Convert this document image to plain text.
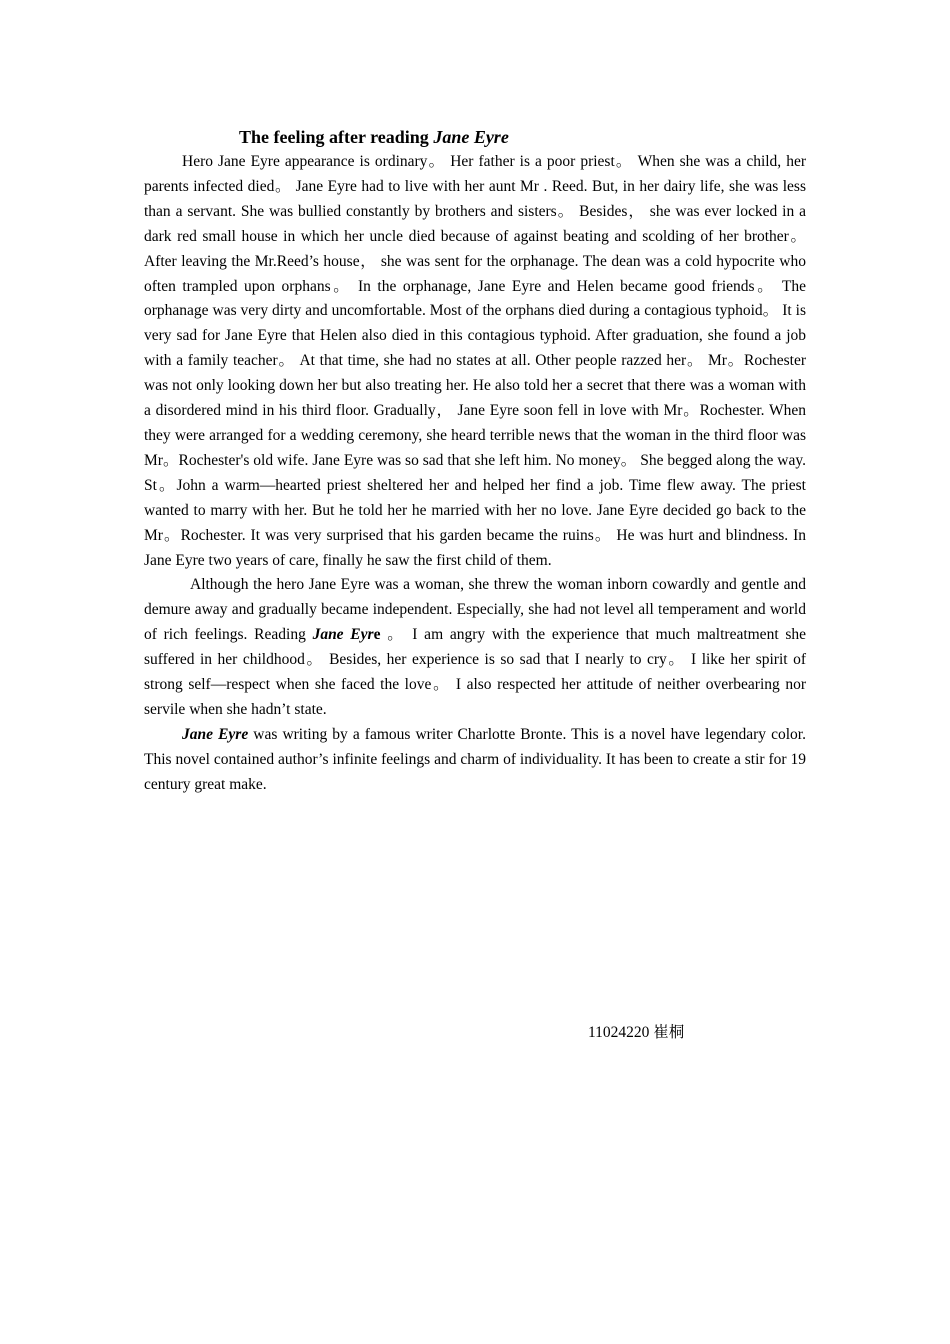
The feeling after reading Jane Eyre

Hero Jane Eyre appearance is ordinary。 Her father is a poor priest。 When she was a child, her parents infected died。 Jane Eyre had to live with her aunt Mr . Reed. But, in her dairy life, she was less than a servant. She was bullied constantly by brothers and sisters。 Besides， she was ever locked in a dark red small house in which her uncle died because of against beating and scolding of her brother。 After leaving the Mr.Reed’s house， she was sent for the orphanage. The dean was a cold hypocrite who often trampled upon orphans。 In the orphanage, Jane Eyre and Helen became good friends。 The orphanage was very dirty and uncomfortable. Most of the orphans died during a contagious typhoid。 It is very sad for Jane Eyre that Helen also died in this contagious typhoid. After graduation, she found a job with a family teacher。 At that time, she had no states at all. Other people razzed her。 Mr。Rochester was not only looking down her but also treating her. He also told her a secret that there was a woman with a disordered mind in his third floor. Gradually， Jane Eyre soon fell in love with Mr。Rochester. When they were arranged for a wedding ceremony, she heard terrible news that the woman in the third floor was Mr。Rochester's old wife. Jane Eyre was so sad that she left him. No money。 She begged along the way. St。John a warm—hearted priest sheltered her and helped her find a job. Time flew away. The priest wanted to marry with her. But he told her he married with her no love. Jane Eyre decided go back to the Mr。Rochester. It was very surprised that his garden became the ruins。 He was hurt and blindness. In Jane Eyre two years of care, finally he saw the first child of them.

Although the hero Jane Eyre was a woman, she threw the woman inborn cowardly and gentle and demure away and gradually became independent. Especially, she had not level all temperament and world of rich feelings. Reading Jane Eyre 。 I am angry with the experience that much maltreatment she suffered in her childhood。 Besides, her experience is so sad that I nearly to cry。 I like her spirit of strong self—respect when she faced the love。 I also respected her attitude of neither overbearing nor servile when she hadn’t state.

Jane Eyre was writing by a famous writer Charlotte Bronte. This is a novel have legendary color. This novel contained author’s infinite feelings and charm of individuality. It has been to create a stir for 19 century great make.

11024220 崔桐
